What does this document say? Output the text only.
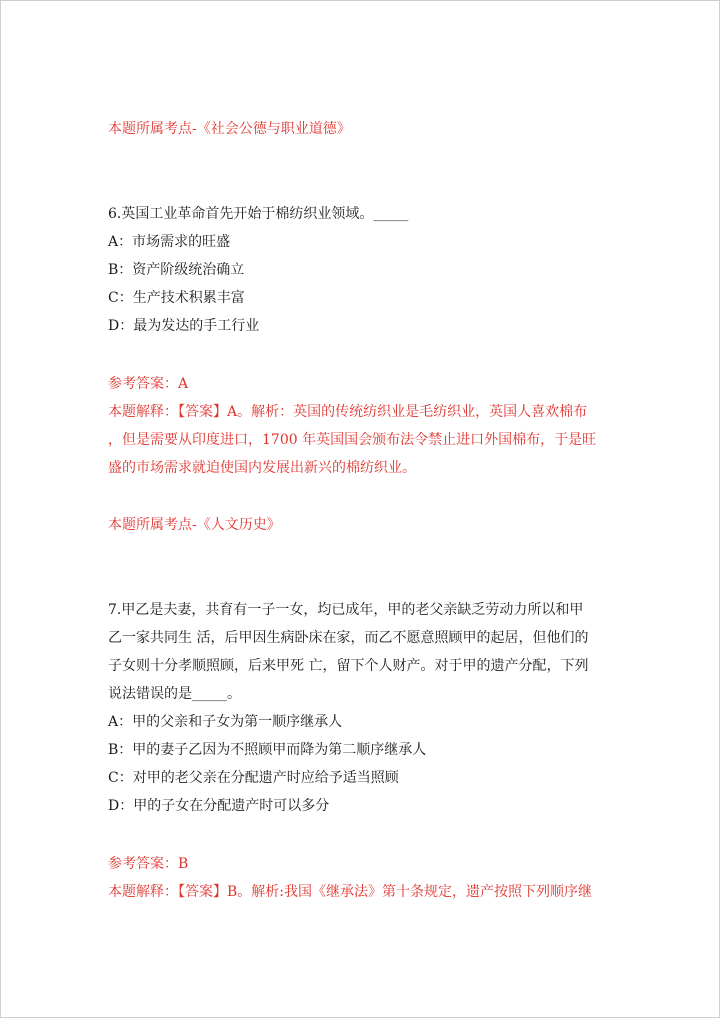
本题所属考点-《社会公德与职业道德》
6.英国工业革命首先开始于棉纺织业领域。_____
A：市场需求的旺盛
B：资产阶级统治确立
C：生产技术积累丰富
D：最为发达的手工行业
参考答案：A
本题解释：【答案】A。解析：英国的传统纺织业是毛纺织业，英国人喜欢棉布
，但是需要从印度进口，1700 年英国国会颁布法令禁止进口外国棉布，于是旺
盛的市场需求就迫使国内发展出新兴的棉纺织业。
本题所属考点-《人文历史》
7.甲乙是夫妻，共育有一子一女，均已成年，甲的老父亲缺乏劳动力所以和甲
乙一家共同生 活，后甲因生病卧床在家，而乙不愿意照顾甲的起居，但他们的
子女则十分孝顺照顾，后来甲死 亡，留下个人财产。对于甲的遗产分配，下列
说法错误的是_____。
A：甲的父亲和子女为第一顺序继承人
B：甲的妻子乙因为不照顾甲而降为第二顺序继承人
C：对甲的老父亲在分配遗产时应给予适当照顾
D：甲的子女在分配遗产时可以多分
参考答案：B
本题解释：【答案】B。解析:我国《继承法》第十条规定，遗产按照下列顺序继
